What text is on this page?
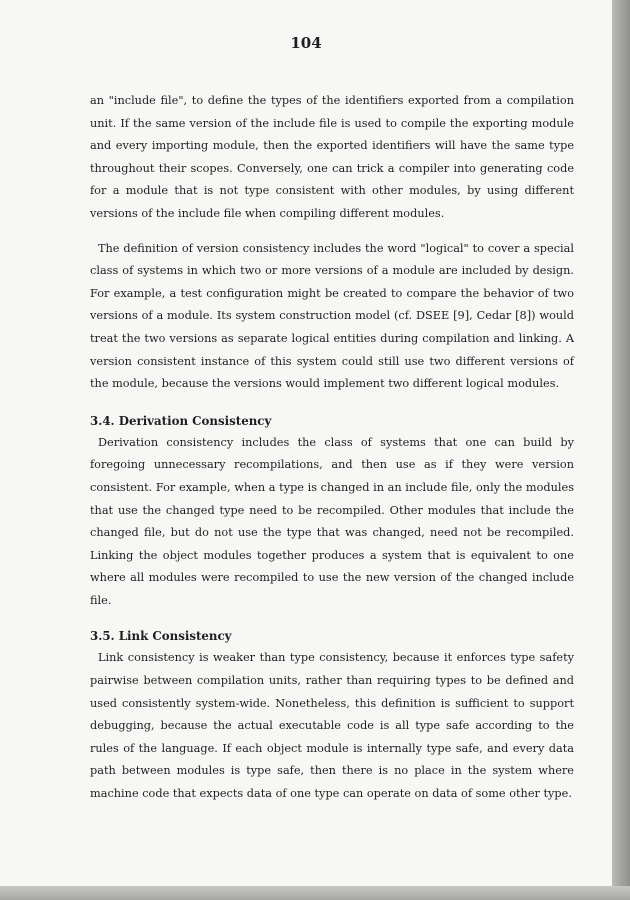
104

an "include file", to define the types of the identifiers exported from a compilation unit. If the same version of the include file is used to compile the exporting module and every importing module, then the exported identifiers will have the same type throughout their scopes. Conversely, one can trick a compiler into generating code for a module that is not type consistent with other modules, by using different versions of the include file when compiling different modules.

The definition of version consistency includes the word "logical" to cover a special class of systems in which two or more versions of a module are included by design. For example, a test configuration might be created to compare the behavior of two versions of a module. Its system construction model (cf. DSEE [9], Cedar [8]) would treat the two versions as separate logical entities during compilation and linking. A version consistent instance of this system could still use two different versions of the module, because the versions would implement two different logical modules.

3.4. Derivation Consistency

Derivation consistency includes the class of systems that one can build by foregoing unnecessary recompilations, and then use as if they were version consistent. For example, when a type is changed in an include file, only the modules that use the changed type need to be recompiled. Other modules that include the changed file, but do not use the type that was changed, need not be recompiled. Linking the object modules together produces a system that is equivalent to one where all modules were recompiled to use the new version of the changed include file.

3.5. Link Consistency

Link consistency is weaker than type consistency, because it enforces type safety pairwise between compilation units, rather than requiring types to be defined and used consistently system-wide. Nonetheless, this definition is sufficient to support debugging, because the actual executable code is all type safe according to the rules of the language. If each object module is internally type safe, and every data path between modules is type safe, then there is no place in the system where machine code that expects data of one type can operate on data of some other type.
